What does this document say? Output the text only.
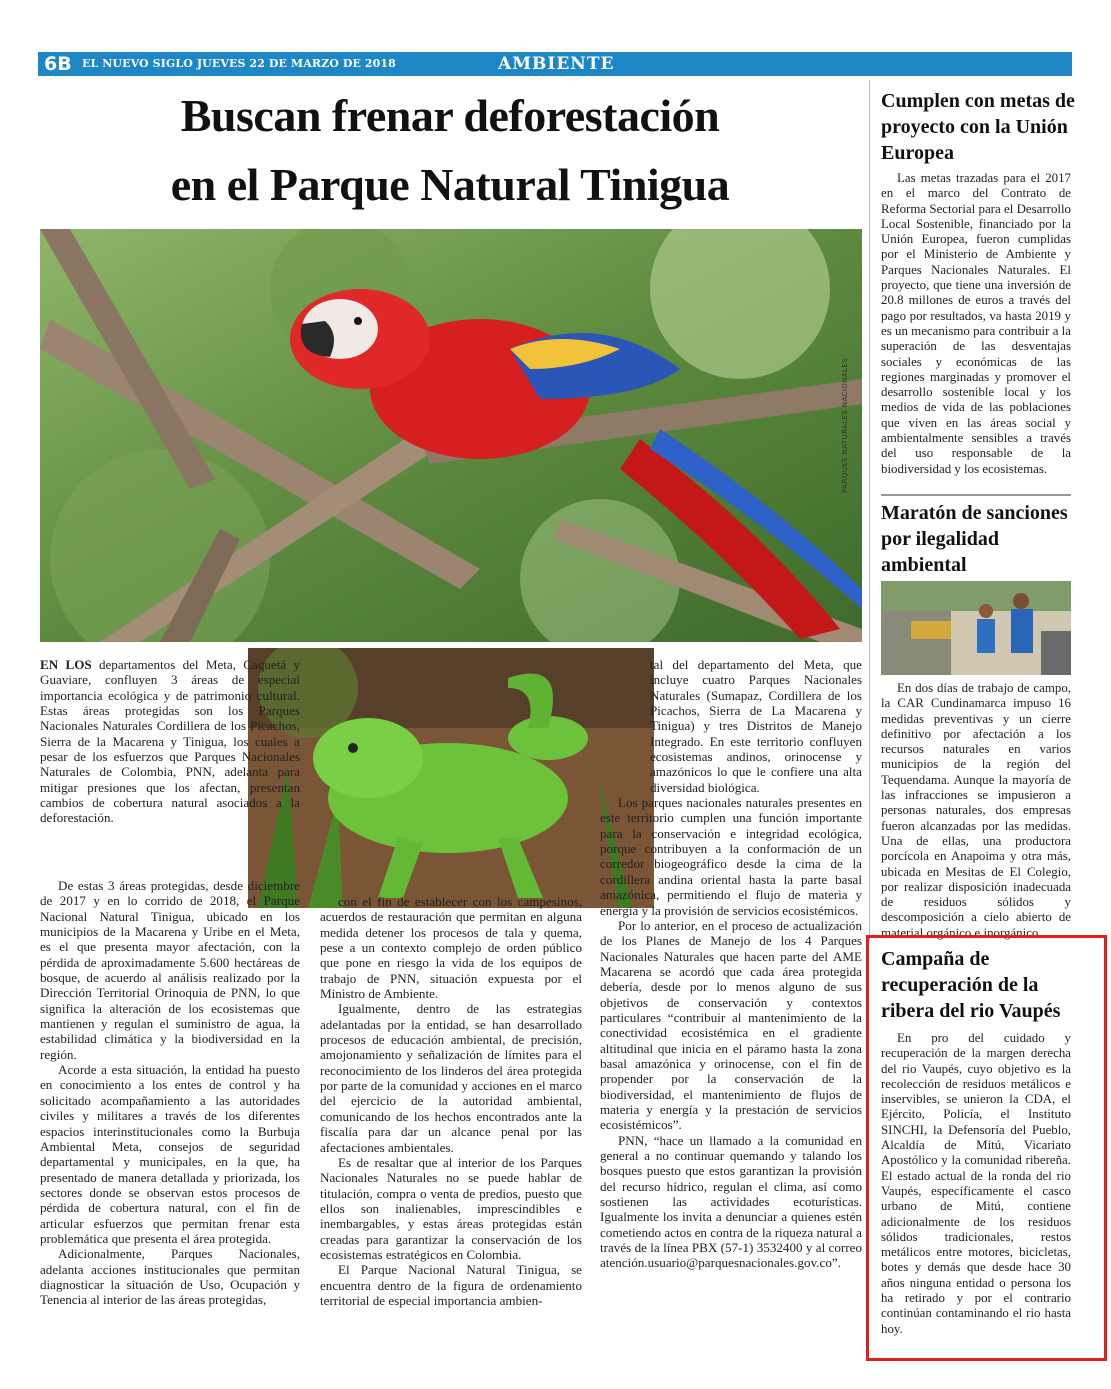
6B EL NUEVO SIGLO JUEVES 22 DE MARZO DE 2018	AMBIENTE
Buscan frenar deforestación
en el Parque Natural Tinigua
PARQUES NATURALES NACIONALES

EN LOS departamentos del Meta, Caquetá y Guaviare, confluyen 3 áreas de especial importancia ecológica y de patrimonio cultural. Estas áreas protegidas son los Parques Nacionales Naturales Cordillera de los Picachos, Sierra de la Macarena y Tinigua, los cuales a pesar de los esfuerzos que Parques Nacionales Naturales de Colombia, PNN, adelanta para mitigar presiones que los afectan, presentan cambios de cobertura natural asociados a la deforestación.

De estas 3 áreas protegidas, desde diciembre de 2017 y en lo corrido de 2018, el Parque Nacional Natural Tinigua, ubicado en los municipios de la Macarena y Uribe en el Meta, es el que presenta mayor afectación, con la pérdida de aproximadamente 5.600 hectáreas de bosque, de acuerdo al análisis realizado por la Dirección Territorial Orinoquia de PNN, lo que significa la alteración de los ecosistemas que mantienen y regulan el suministro de agua, la estabilidad climática y la biodiversidad en la región.

Acorde a esta situación, la entidad ha puesto en conocimiento a los entes de control y ha solicitado acompañamiento a las autoridades civiles y militares a través de los diferentes espacios interinstitucionales como la Burbuja Ambiental Meta, consejos de seguridad departamental y municipales, en la que, ha presentado de manera detallada y priorizada, los sectores donde se observan estos procesos de pérdida de cobertura natural, con el fin de articular esfuerzos que permitan frenar esta problemática que presenta el área protegida.

Adicionalmente, Parques Nacionales, adelanta acciones institucionales que permitan diagnosticar la situación de Uso, Ocupación y Tenencia al interior de las áreas protegidas,

con el fin de establecer con los campesinos, acuerdos de restauración que permitan en alguna medida detener los procesos de tala y quema, pese a un contexto complejo de orden público que pone en riesgo la vida de los equipos de trabajo de PNN, situación expuesta por el Ministro de Ambiente.

Igualmente, dentro de las estrategias adelantadas por la entidad, se han desarrollado procesos de educación ambiental, de precisión, amojonamiento y señalización de límites para el reconocimiento de los linderos del área protegida por parte de la comunidad y acciones en el marco del ejercicio de la autoridad ambiental, comunicando de los hechos encontrados ante la fiscalía para dar un alcance penal por las afectaciones ambientales.

Es de resaltar que al interior de los Parques Nacionales Naturales no se puede hablar de titulación, compra o venta de predios, puesto que ellos son inalienables, imprescindibles e inembargables, y estas áreas protegidas están creadas para garantizar la conservación de los ecosistemas estratégicos en Colombia.

El Parque Nacional Natural Tinigua, se encuentra dentro de la figura de ordenamiento territorial de especial importancia ambien-

tal del departamento del Meta, que incluye cuatro Parques Nacionales Naturales (Sumapaz, Cordillera de los Picachos, Sierra de La Macarena y Tinigua) y tres Distritos de Manejo Integrado. En este territorio confluyen ecosistemas andinos, orinocense y amazónicos lo que le confiere una alta diversidad biológica.

Los parques nacionales naturales presentes en este territorio cumplen una función importante para la conservación e integridad ecológica, porque contribuyen a la conformación de un corredor biogeográfico desde la cima de la cordillera andina oriental hasta la parte basal amazónica, permitiendo el flujo de materia y energía y la provisión de servicios ecosistémicos.

Por lo anterior, en el proceso de actualización de los Planes de Manejo de los 4 Parques Nacionales Naturales que hacen parte del AME Macarena se acordó que cada área protegida debería, desde por lo menos alguno de sus objetivos de conservación y contextos particulares “contribuir al mantenimiento de la conectividad ecosistémica en el gradiente altitudinal que inicia en el páramo hasta la zona basal amazónica y orinocense, con el fin de propender por la conservación de la biodiversidad, el mantenimiento de flujos de materia y energía y la prestación de servicios ecosistémicos”.

PNN, “hace un llamado a la comunidad en general a no continuar quemando y talando los bosques puesto que estos garantizan la provisión del recurso hídrico, regulan el clima, así como sostienen las actividades ecoturísticas. Igualmente los invita a denunciar a quienes estén cometiendo actos en contra de la riqueza natural a través de la línea PBX (57-1) 3532400 y al correo atención.usuario@parquesnacionales.gov.co”.

Cumplen con metas de proyecto con la Unión Europea

Las metas trazadas para el 2017 en el marco del Contrato de Reforma Sectorial para el Desarrollo Local Sostenible, financiado por la Unión Europea, fueron cumplidas por el Ministerio de Ambiente y Parques Nacionales Naturales. El proyecto, que tiene una inversión de 20.8 millones de euros a través del pago por resultados, va hasta 2019 y es un mecanismo para contribuir a la superación de las desventajas sociales y económicas de las regiones marginadas y promover el desarrollo sostenible local y los medios de vida de las poblaciones que viven en las áreas social y ambientalmente sensibles a través del uso responsable de la biodiversidad y los ecosistemas.

Maratón de sanciones por ilegalidad ambiental

En dos días de trabajo de campo, la CAR Cundinamarca impuso 16 medidas preventivas y un cierre definitivo por afectación a los recursos naturales en varios municipios de la región del Tequendama. Aunque la mayoría de las infracciones se impusieron a personas naturales, dos empresas fueron alcanzadas por las medidas. Una de ellas, una productora porcícola en Anapoima y otra más, ubicada en Mesitas de El Colegio, por realizar disposición inadecuada de residuos sólidos y descomposición a cielo abierto de material orgánico e inorgánico.

Campaña de recuperación de la ribera del rio Vaupés

En pro del cuidado y recuperación de la margen derecha del rio Vaupés, cuyo objetivo es la recolección de residuos metálicos e inservibles, se unieron la CDA, el Ejército, Policía, el Instituto SINCHI, la Defensoría del Pueblo, Alcaldía de Mitú, Vicariato Apostólico y la comunidad ribereña. El estado actual de la ronda del rio Vaupés, específicamente el casco urbano de Mitú, contiene adicionalmente de los residuos sólidos tradicionales, restos metálicos entre motores, bicicletas, botes y demás que desde hace 30 años ninguna entidad o persona los ha retirado y por el contrario continúan contaminando el rio hasta hoy.
